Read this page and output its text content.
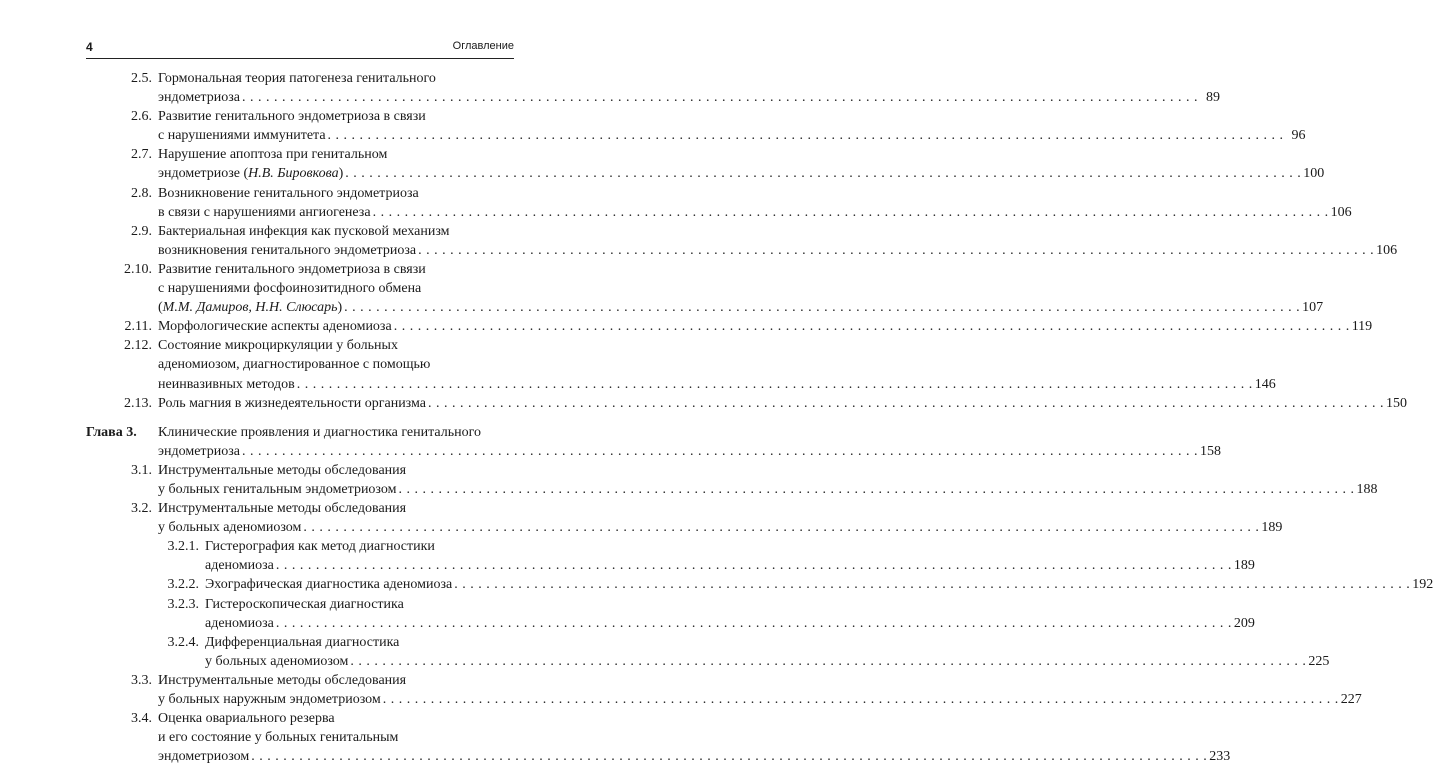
4	Оглавление
2.5. Гормональная теория патогенеза генитального
эндометриоза . . . . . . . . . . . . . . . . . . . . . . . . . . . . . . . . . . . . . . . . . . . . . . . . . . . . . . . . . . . . . . . . . . . . . . . . . . . . . . . . . . . . . . . . . . . . . . . . . . . . . . . . . . . . . . . . . . . . . . . . 89
2.6. Развитие генитального эндометриоза в связи
с нарушениями иммунитета . . . . . . . . . . . . . . . . . . . . . . . . . . . . . . . . . . . . . . . . . . . . . . . . . . . . . . . . . . . . . . . . . . . . . . . . . . . . . . . . . . . . . . . . . . . . . . . . . . . . . . . . . . . . . . . . . . . . . . . . 96
2.7. Нарушение апоптоза при генитальном
эндометриозе (Н.В. Бировкова) . . . . . . . . . . . . . . . . . . . . . . . . . . . . . . . . . . . . . . . . . . . . . . . . . . . . . . . . . . . . . . . . . . . . . . . . . . . . . . . . . . . . . . . . . . . . . . . . . . . . . . . . . . . . . . . . . . . . . . . . 100
2.8. Возникновение генитального эндометриоза
в связи с нарушениями ангиогенеза . . . . . . . . . . . . . . . . . . . . . . . . . . . . . . . . . . . . . . . . . . . . . . . . . . . . . . . . . . . . . . . . . . . . . . . . . . . . . . . . . . . . . . . . . . . . . . . . . . . . . . . . . . . . . . . . . . . . . . . . 106
2.9. Бактериальная инфекция как пусковой механизм
возникновения генитального эндометриоза . . . . . . . . . . . . . . . . . . . . . . . . . . . . . . . . . . . . . . . . . . . . . . . . . . . . . . . . . . . . . . . . . . . . . . . . . . . . . . . . . . . . . . . . . . . . . . . . . . . . . . . . . . . . . . . . . . . . . . . . 106
2.10. Развитие генитального эндометриоза в связи
с нарушениями фосфоинозитидного обмена
(М.М. Дамиров, Н.Н. Слюсарь) . . . . . . . . . . . . . . . . . . . . . . . . . . . . . . . . . . . . . . . . . . . . . . . . . . . . . . . . . . . . . . . . . . . . . . . . . . . . . . . . . . . . . . . . . . . . . . . . . . . . . . . . . . . . . . . . . . . . . . . . 107
2.11. Морфологические аспекты аденомиоза . . . . . . . . . . . . . . . . . . . . . . . . . . . . . . . . . . . . . . . . . . . . . . . . . . . . . . . . . . . . . . . . . . . . . . . . . . . . . . . . . . . . . . . . . . . . . . . . . . . . . . . . . . . . . . . . . . . . . . . . 119
2.12. Состояние микроциркуляции у больных
аденомиозом, диагностированное с помощью
неинвазивных методов . . . . . . . . . . . . . . . . . . . . . . . . . . . . . . . . . . . . . . . . . . . . . . . . . . . . . . . . . . . . . . . . . . . . . . . . . . . . . . . . . . . . . . . . . . . . . . . . . . . . . . . . . . . . . . . . . . . . . . . . 146
2.13. Роль магния в жизнедеятельности организма . . . . . . . . . . . . . . . . . . . . . . . . . . . . . . . . . . . . . . . . . . . . . . . . . . . . . . . . . . . . . . . . . . . . . . . . . . . . . . . . . . . . . . . . . . . . . . . . . . . . . . . . . . . . . . . . . . . . . . . . 150
Глава 3. Клинические проявления и диагностика генитального
эндометриоза . . . . . . . . . . . . . . . . . . . . . . . . . . . . . . . . . . . . . . . . . . . . . . . . . . . . . . . . . . . . . . . . . . . . . . . . . . . . . . . . . . . . . . . . . . . . . . . . . . . . . . . . . . . . . . . . . . . . . . . . 158
3.1. Инструментальные методы обследования
у больных генитальным эндометриозом . . . . . . . . . . . . . . . . . . . . . . . . . . . . . . . . . . . . . . . . . . . . . . . . . . . . . . . . . . . . . . . . . . . . . . . . . . . . . . . . . . . . . . . . . . . . . . . . . . . . . . . . . . . . . . . . . . . . . . . . 188
3.2. Инструментальные методы обследования
у больных аденомиозом . . . . . . . . . . . . . . . . . . . . . . . . . . . . . . . . . . . . . . . . . . . . . . . . . . . . . . . . . . . . . . . . . . . . . . . . . . . . . . . . . . . . . . . . . . . . . . . . . . . . . . . . . . . . . . . . . . . . . . . . 189
3.2.1. Гистерография как метод диагностики
аденомиоза . . . . . . . . . . . . . . . . . . . . . . . . . . . . . . . . . . . . . . . . . . . . . . . . . . . . . . . . . . . . . . . . . . . . . . . . . . . . . . . . . . . . . . . . . . . . . . . . . . . . . . . . . . . . . . . . . . . . . . . . 189
3.2.2. Эхографическая диагностика аденомиоза . . . . . . . . . . . . . . . . . . . . . . . . . . . . . . . . . . . . . . . . . . . . . . . . . . . . . . . . . . . . . . . . . . . . . . . . . . . . . . . . . . . . . . . . . . . . . . . . . . . . . . . . . . . . . . . . . . . . . . . . 192
3.2.3. Гистероскопическая диагностика
аденомиоза . . . . . . . . . . . . . . . . . . . . . . . . . . . . . . . . . . . . . . . . . . . . . . . . . . . . . . . . . . . . . . . . . . . . . . . . . . . . . . . . . . . . . . . . . . . . . . . . . . . . . . . . . . . . . . . . . . . . . . . . 209
3.2.4. Дифференциальная диагностика
у больных аденомиозом . . . . . . . . . . . . . . . . . . . . . . . . . . . . . . . . . . . . . . . . . . . . . . . . . . . . . . . . . . . . . . . . . . . . . . . . . . . . . . . . . . . . . . . . . . . . . . . . . . . . . . . . . . . . . . . . . . . . . . . . 225
3.3. Инструментальные методы обследования
у больных наружным эндометриозом . . . . . . . . . . . . . . . . . . . . . . . . . . . . . . . . . . . . . . . . . . . . . . . . . . . . . . . . . . . . . . . . . . . . . . . . . . . . . . . . . . . . . . . . . . . . . . . . . . . . . . . . . . . . . . . . . . . . . . . . 227
3.4. Оценка овариального резерва
и его состояние у больных генитальным
эндометриозом . . . . . . . . . . . . . . . . . . . . . . . . . . . . . . . . . . . . . . . . . . . . . . . . . . . . . . . . . . . . . . . . . . . . . . . . . . . . . . . . . . . . . . . . . . . . . . . . . . . . . . . . . . . . . . . . . . . . . . . . 233
